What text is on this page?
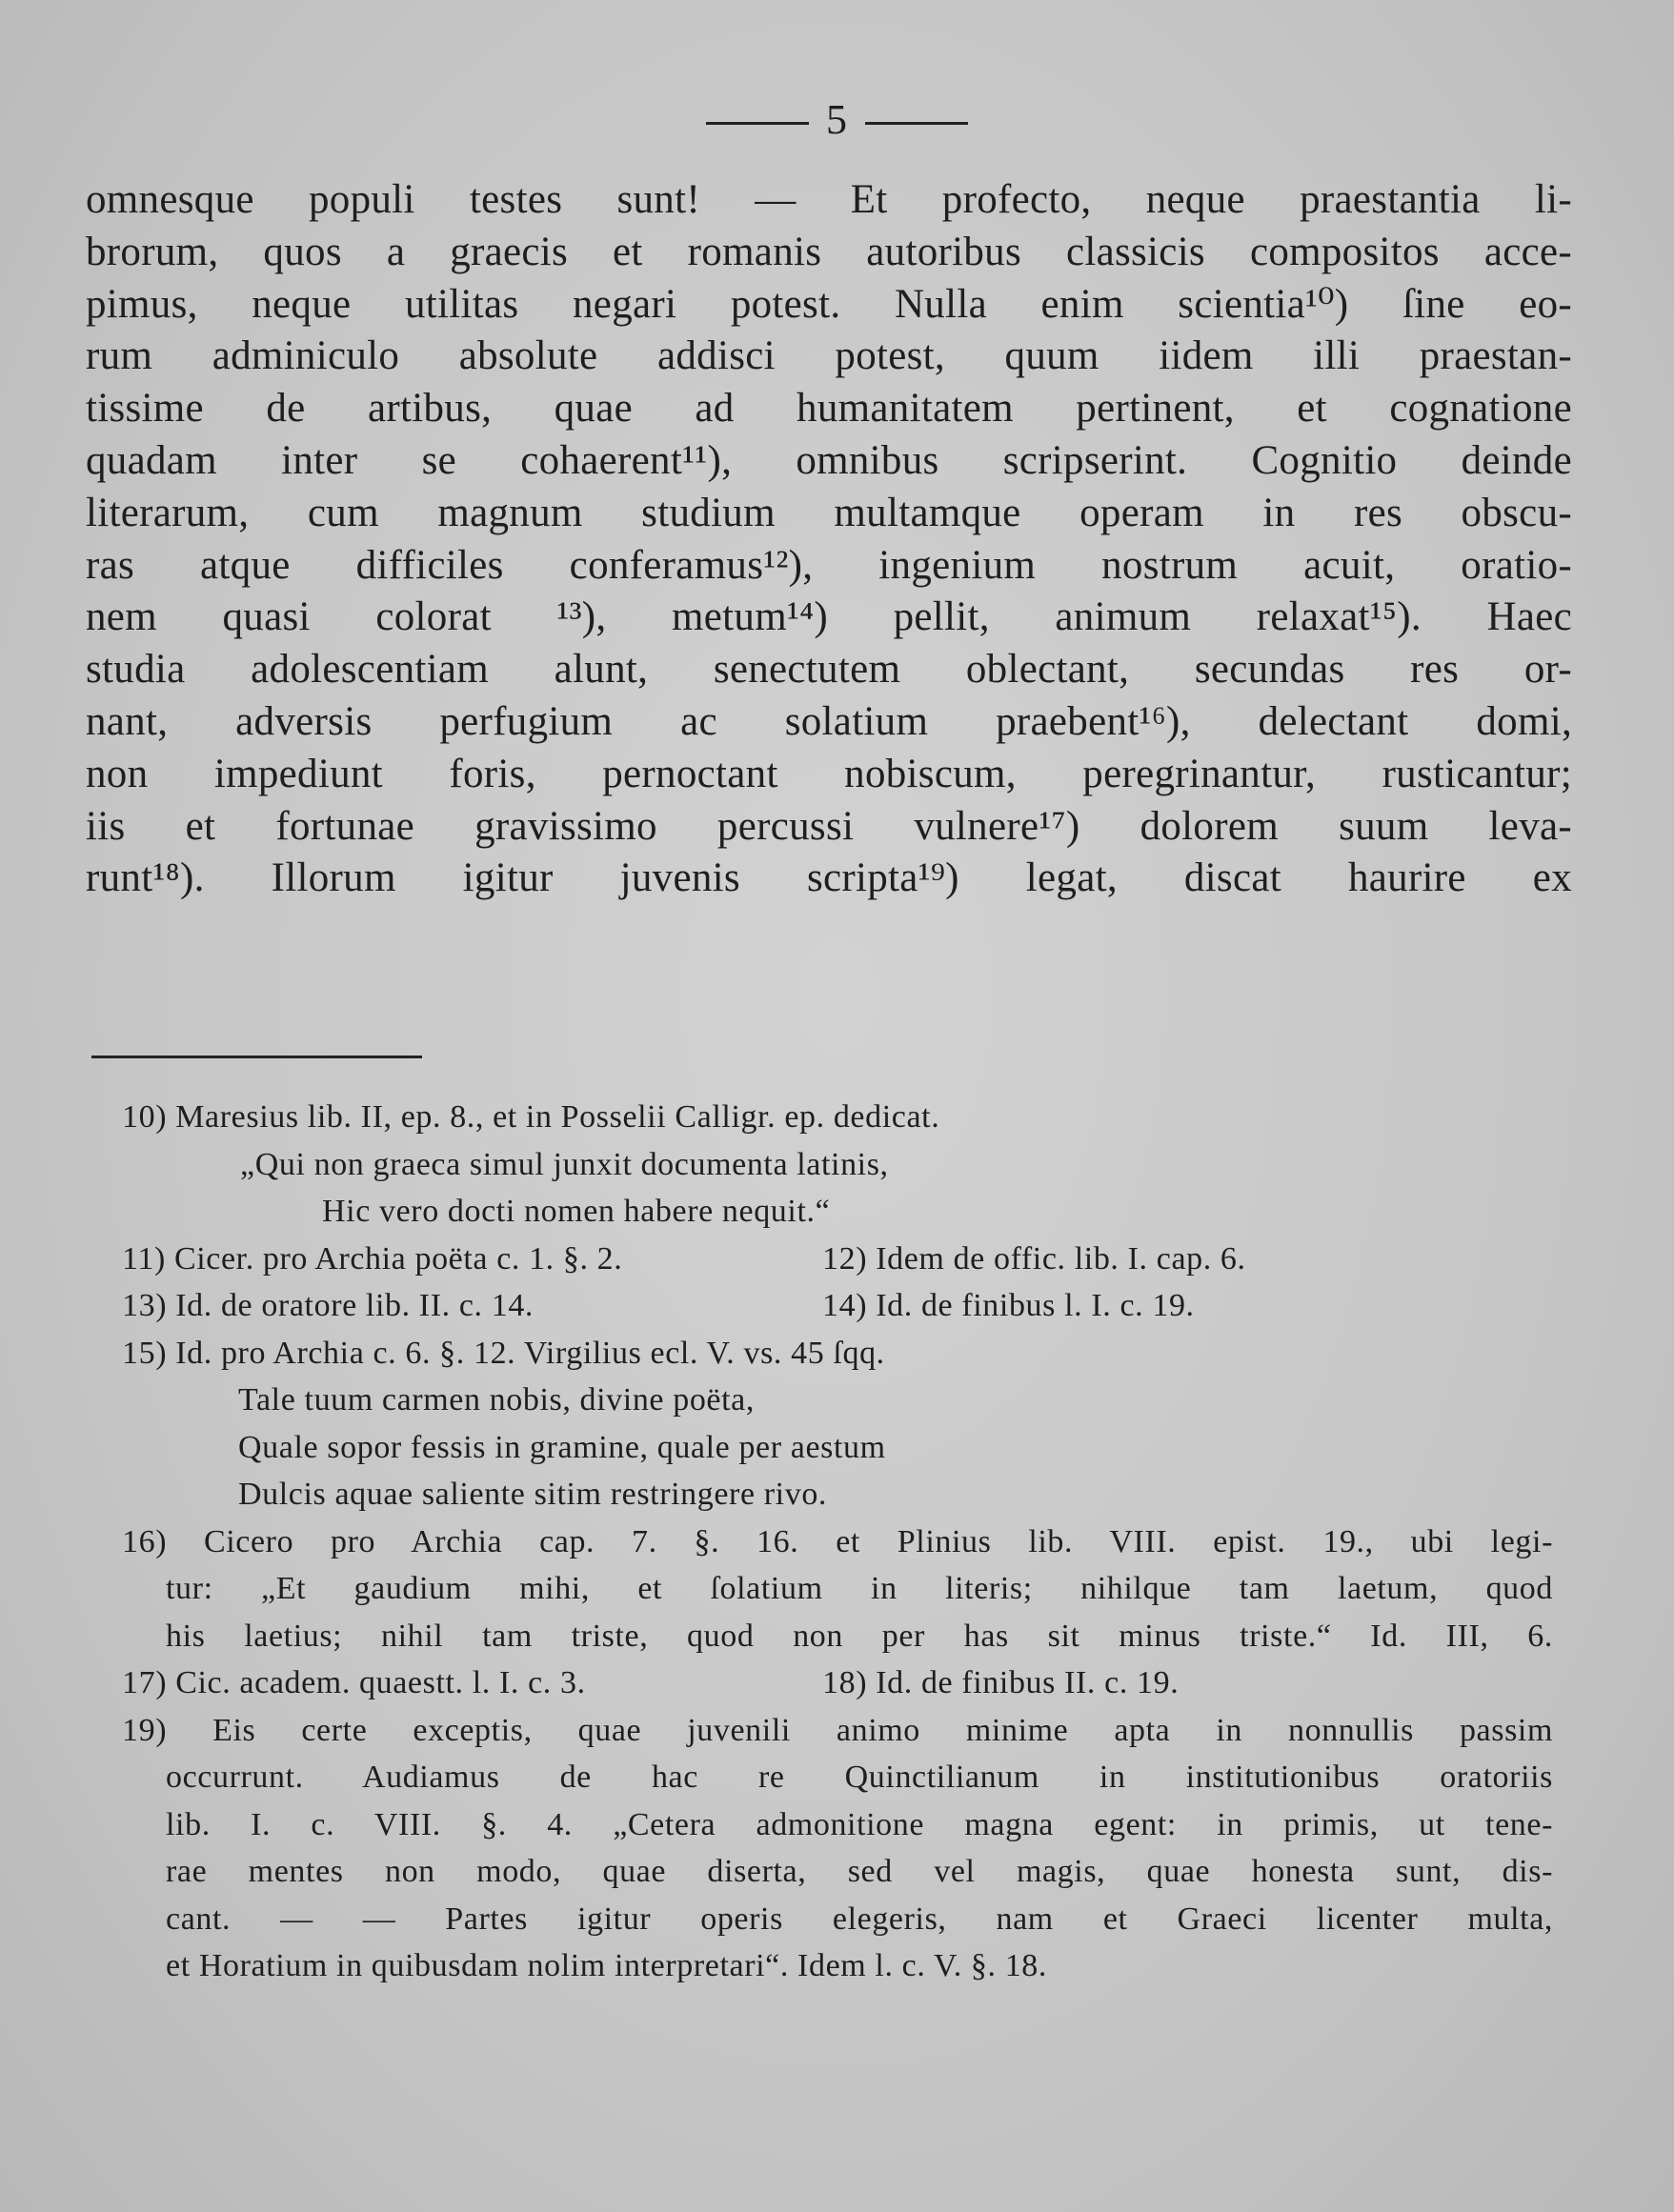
5
omnesque populi testes sunt! — Et profecto, neque praestantia li-
brorum, quos a graecis et romanis autoribus classicis compositos acce-
pimus, neque utilitas negari potest. Nulla enim scientia¹⁰) ſine eo-
rum adminiculo absolute addisci potest, quum iidem illi praestan-
tissime de artibus, quae ad humanitatem pertinent, et cognatione
quadam inter se cohaerent¹¹), omnibus scripserint. Cognitio deinde
literarum, cum magnum studium multamque operam in res obscu-
ras atque difficiles conferamus¹²), ingenium nostrum acuit, oratio-
nem quasi colorat ¹³), metum¹⁴) pellit, animum relaxat¹⁵). Haec
studia adolescentiam alunt, senectutem oblectant, secundas res or-
nant, adversis perfugium ac solatium praebent¹⁶), delectant domi,
non impediunt foris, pernoctant nobiscum, peregrinantur, rusticantur;
iis et fortunae gravissimo percussi vulnere¹⁷) dolorem suum leva-
runt¹⁸). Illorum igitur juvenis scripta¹⁹) legat, discat haurire ex
10) Maresius lib. II, ep. 8., et in Posselii Calligr. ep. dedicat.
„Qui non graeca simul junxit documenta latinis,
Hic vero docti nomen habere nequit.“
11) Cicer. pro Archia poëta c. 1. §. 2.	12) Idem de offic. lib. I. cap. 6.
13) Id. de oratore lib. II. c. 14.	14) Id. de finibus l. I. c. 19.
15) Id. pro Archia c. 6. §. 12. Virgilius ecl. V. vs. 45 ſqq.
Tale tuum carmen nobis, divine poëta,
Quale sopor fessis in gramine, quale per aestum
Dulcis aquae saliente sitim restringere rivo.
16) Cicero pro Archia cap. 7. §. 16. et Plinius lib. VIII. epist. 19., ubi legi-
tur: „Et gaudium mihi, et ſolatium in literis; nihilque tam laetum, quod
his laetius; nihil tam triste, quod non per has sit minus triste.“ Id. III, 6.
17) Cic. academ. quaestt. l. I. c. 3.	18) Id. de finibus II. c. 19.
19) Eis certe exceptis, quae juvenili animo minime apta in nonnullis passim
occurrunt. Audiamus de hac re Quinctilianum in institutionibus oratoriis
lib. I. c. VIII. §. 4. „Cetera admonitione magna egent: in primis, ut tene-
rae mentes non modo, quae diserta, sed vel magis, quae honesta sunt, dis-
cant. — — Partes igitur operis elegeris, nam et Graeci licenter multa,
et Horatium in quibusdam nolim interpretari“. Idem l. c. V. §. 18.
